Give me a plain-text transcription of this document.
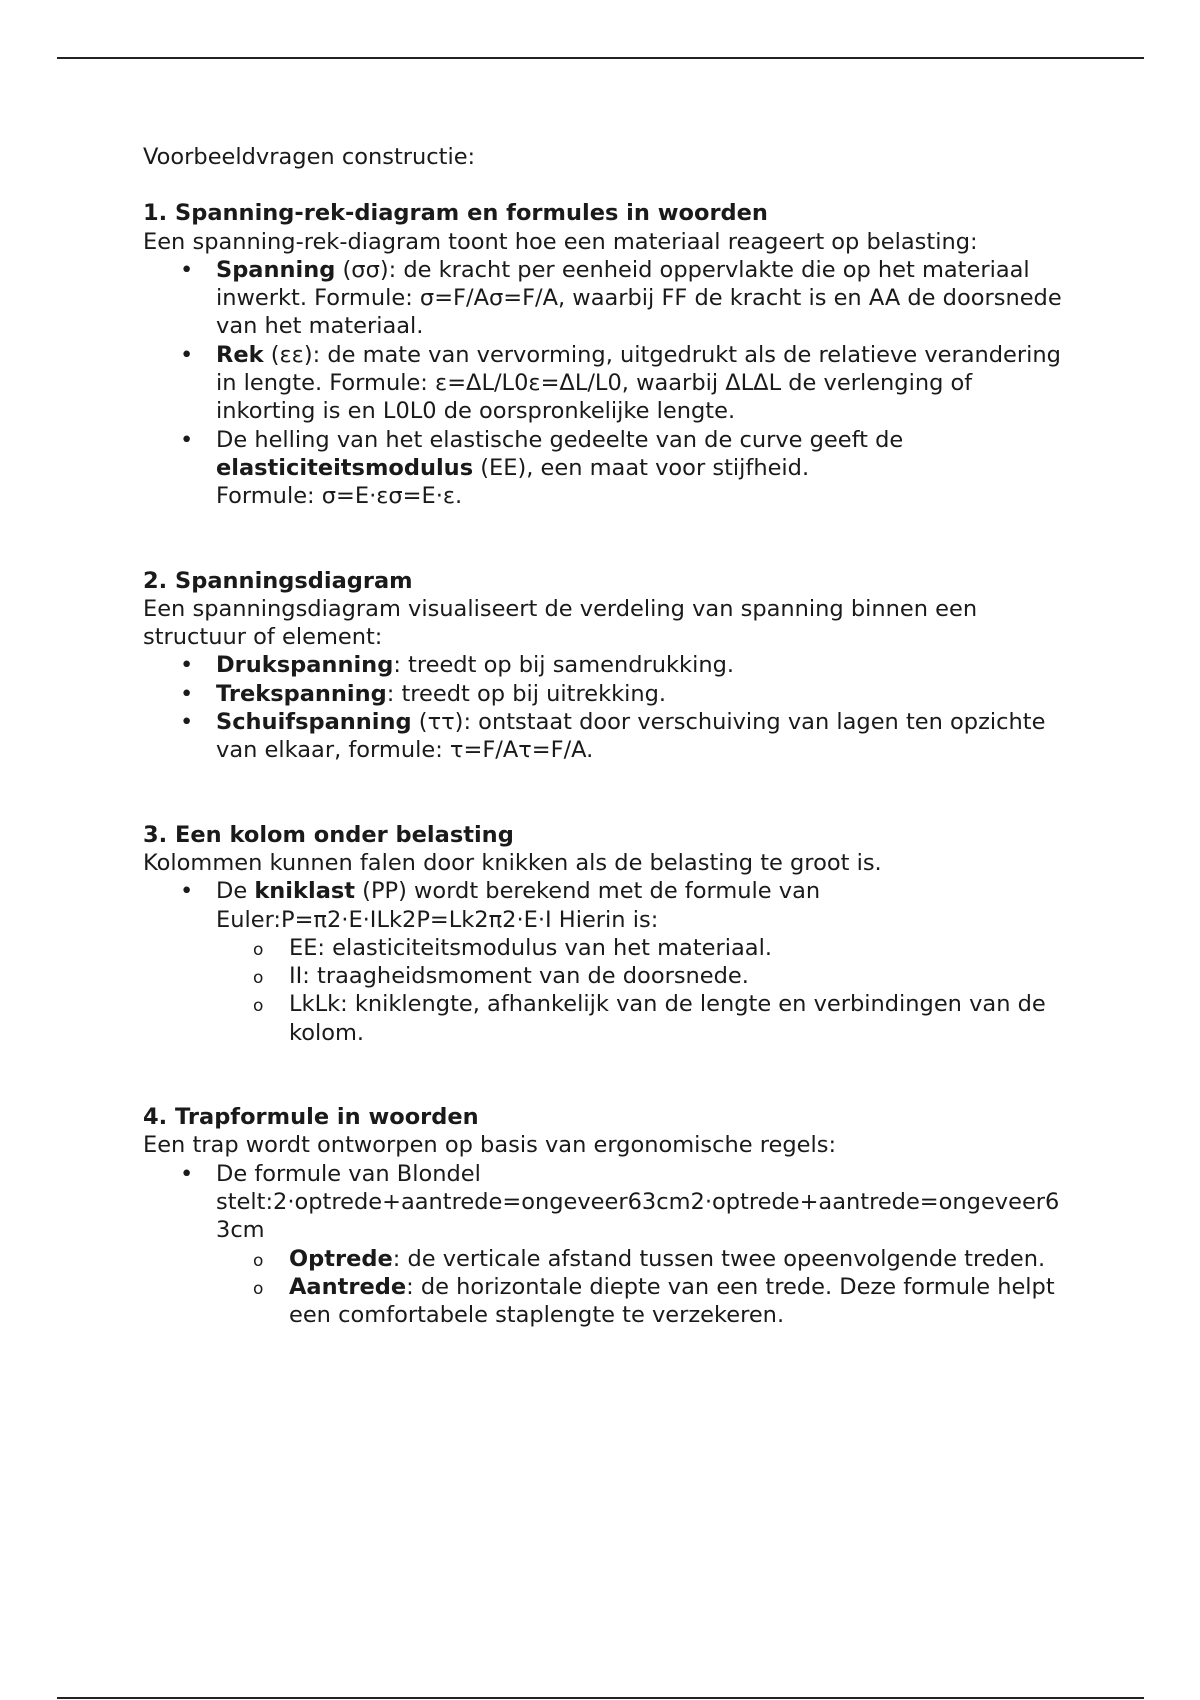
Voorbeeldvragen constructie:

1. Spanning-rek-diagram en formules in woorden

Een spanning-rek-diagram toont hoe een materiaal reageert op belasting:

• Spanning (σσ): de kracht per eenheid oppervlakte die op het materiaal inwerkt. Formule: σ=F/Aσ=F/A, waarbij FF de kracht is en AA de doorsnede van het materiaal.
• Rek (εε): de mate van vervorming, uitgedrukt als de relatieve verandering in lengte. Formule: ε=ΔL/L0ε=ΔL/L0, waarbij ΔLΔL de verlenging of inkorting is en L0L0 de oorspronkelijke lengte.
• De helling van het elastische gedeelte van de curve geeft de elasticiteitsmodulus (EE), een maat voor stijfheid.
Formule: σ=E⋅εσ=E⋅ε.
2. Spanningsdiagram

Een spanningsdiagram visualiseert de verdeling van spanning binnen een structuur of element:

• Drukspanning: treedt op bij samendrukking.
• Trekspanning: treedt op bij uitrekking.
• Schuifspanning (ττ): ontstaat door verschuiving van lagen ten opzichte van elkaar, formule: τ=F/Aτ=F/A.
3. Een kolom onder belasting

Kolommen kunnen falen door knikken als de belasting te groot is.

• De kniklast (PP) wordt berekend met de formule van Euler:P=π2⋅E⋅ILk2P=Lk2π2⋅E⋅I Hierin is:
o EE: elasticiteitsmodulus van het materiaal.
o II: traagheidsmoment van de doorsnede.
o LkLk: kniklengte, afhankelijk van de lengte en verbindingen van de kolom.
4. Trapformule in woorden

Een trap wordt ontworpen op basis van ergonomische regels:

• De formule van Blondel
stelt:2⋅optrede+aantrede=ongeveer63cm2⋅optrede+aantrede=ongeveer63cm
o Optrede: de verticale afstand tussen twee opeenvolgende treden.
o Aantrede: de horizontale diepte van een trede. Deze formule helpt een comfortabele staplengte te verzekeren.
